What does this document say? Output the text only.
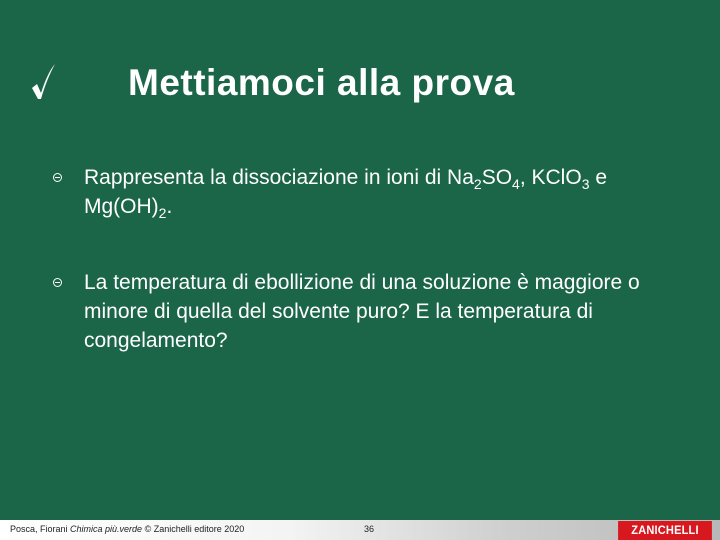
Mettiamoci alla prova
Rappresenta la dissociazione in ioni di $Na_2SO_4$, KClO$_3$ e $Mg(OH)_2$.
La temperatura di ebollizione di una soluzione è maggiore o minore di quella del solvente puro? E la temperatura di congelamento?
Posca, Fiorani Chimica più.verde © Zanichelli editore 2020	36	ZANICHELLI
